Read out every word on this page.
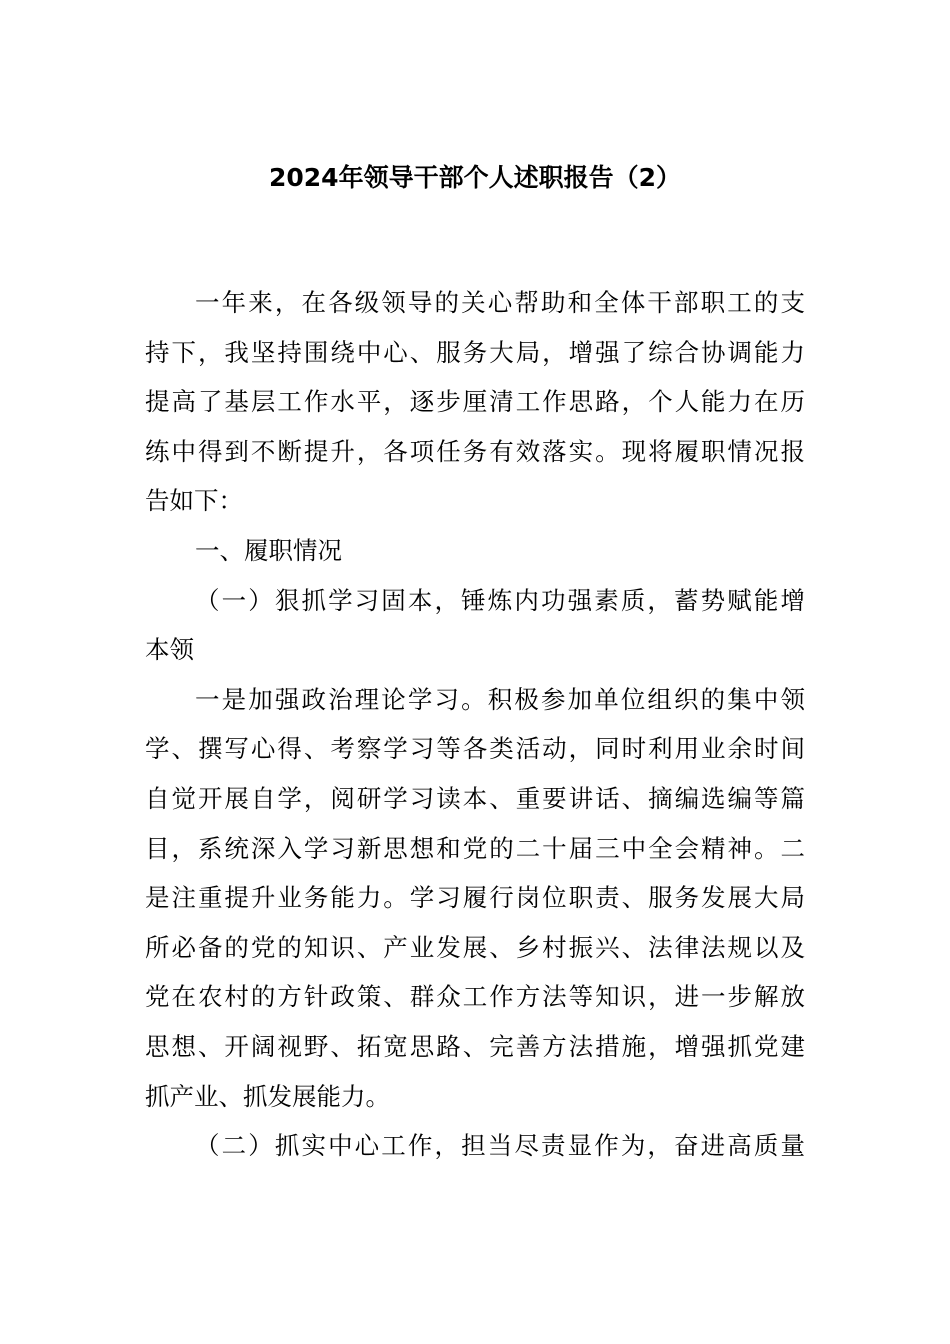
2024年领导干部个人述职报告（2）
一年来，在各级领导的关心帮助和全体干部职工的支
持下，我坚持围绕中心、服务大局，增强了综合协调能力
提高了基层工作水平，逐步厘清工作思路，个人能力在历
练中得到不断提升，各项任务有效落实。现将履职情况报
告如下：
一、履职情况
（一）狠抓学习固本，锤炼内功强素质，蓄势赋能增
本领
一是加强政治理论学习。积极参加单位组织的集中领
学、撰写心得、考察学习等各类活动，同时利用业余时间
自觉开展自学，阅研学习读本、重要讲话、摘编选编等篇
目，系统深入学习新思想和党的二十届三中全会精神。二
是注重提升业务能力。学习履行岗位职责、服务发展大局
所必备的党的知识、产业发展、乡村振兴、法律法规以及
党在农村的方针政策、群众工作方法等知识，进一步解放
思想、开阔视野、拓宽思路、完善方法措施，增强抓党建
抓产业、抓发展能力。
（二）抓实中心工作，担当尽责显作为，奋进高质量
